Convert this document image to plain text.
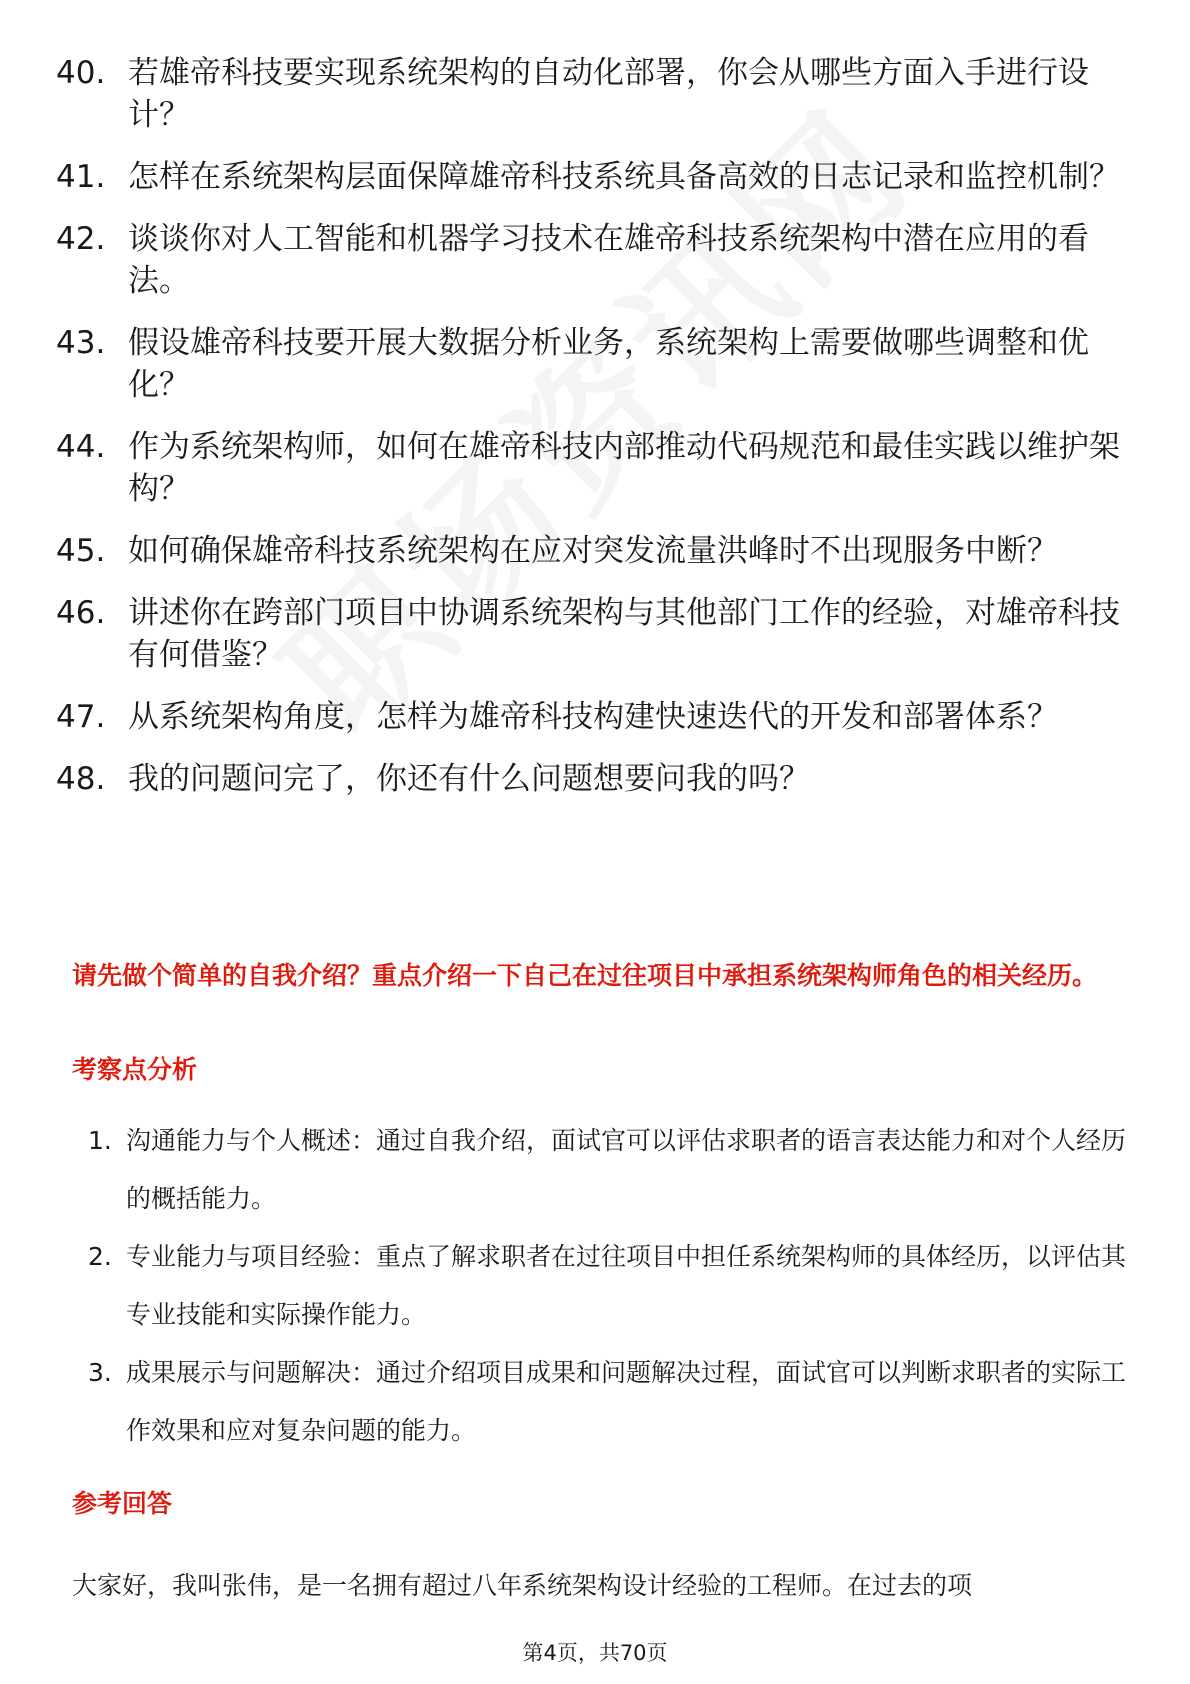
40. 若雄帝科技要实现系统架构的自动化部署，你会从哪些方面入手进行设计？
41. 怎样在系统架构层面保障雄帝科技系统具备高效的日志记录和监控机制？
42. 谈谈你对人工智能和机器学习技术在雄帝科技系统架构中潜在应用的看法。
43. 假设雄帝科技要开展大数据分析业务，系统架构上需要做哪些调整和优化？
44. 作为系统架构师，如何在雄帝科技内部推动代码规范和最佳实践以维护架构？
45. 如何确保雄帝科技系统架构在应对突发流量洪峰时不出现服务中断？
46. 讲述你在跨部门项目中协调系统架构与其他部门工作的经验，对雄帝科技有何借鉴？
47. 从系统架构角度，怎样为雄帝科技构建快速迭代的开发和部署体系？
48. 我的问题问完了，你还有什么问题想要问我的吗？
请先做个简单的自我介绍？重点介绍一下自己在过往项目中承担系统架构师角色的相关经历。
考察点分析
1. 沟通能力与个人概述：通过自我介绍，面试官可以评估求职者的语言表达能力和对个人经历的概括能力。
2. 专业能力与项目经验：重点了解求职者在过往项目中担任系统架构师的具体经历，以评估其专业技能和实际操作能力。
3. 成果展示与问题解决：通过介绍项目成果和问题解决过程，面试官可以判断求职者的实际工作效果和应对复杂问题的能力。
参考回答
大家好，我叫张伟，是一名拥有超过八年系统架构设计经验的工程师。在过去的项
第4页，共70页
